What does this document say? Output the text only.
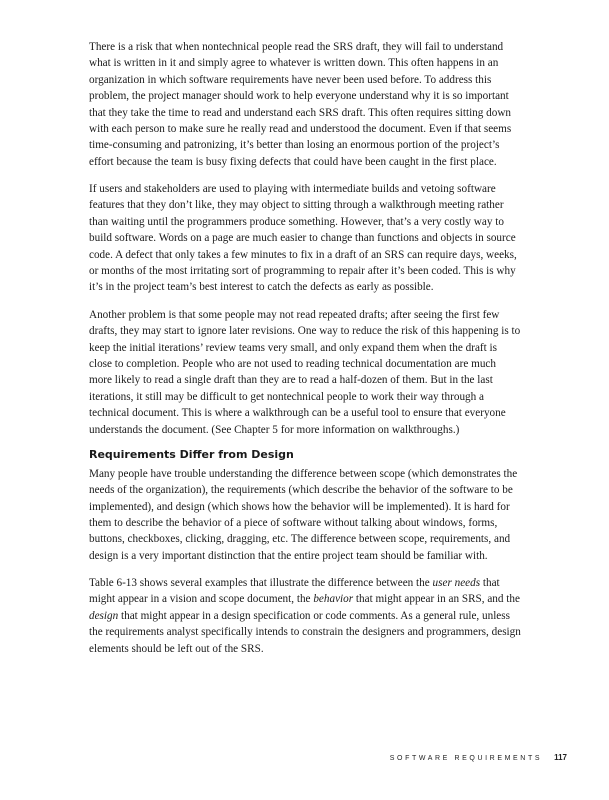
There is a risk that when nontechnical people read the SRS draft, they will fail to understand what is written in it and simply agree to whatever is written down. This often happens in an organization in which software requirements have never been used before. To address this problem, the project manager should work to help everyone understand why it is so important that they take the time to read and understand each SRS draft. This often requires sitting down with each person to make sure he really read and understood the document. Even if that seems time-consuming and patronizing, it’s better than losing an enormous portion of the project’s effort because the team is busy fixing defects that could have been caught in the first place.

If users and stakeholders are used to playing with intermediate builds and vetoing software features that they don’t like, they may object to sitting through a walkthrough meeting rather than waiting until the programmers produce something. However, that’s a very costly way to build software. Words on a page are much easier to change than functions and objects in source code. A defect that only takes a few minutes to fix in a draft of an SRS can require days, weeks, or months of the most irritating sort of programming to repair after it’s been coded. This is why it’s in the project team’s best interest to catch the defects as early as possible.

Another problem is that some people may not read repeated drafts; after seeing the first few drafts, they may start to ignore later revisions. One way to reduce the risk of this happening is to keep the initial iterations’ review teams very small, and only expand them when the draft is close to completion. People who are not used to reading technical documentation are much more likely to read a single draft than they are to read a half-dozen of them. But in the last iterations, it still may be difficult to get nontechnical people to work their way through a technical document. This is where a walkthrough can be a useful tool to ensure that everyone understands the document. (See Chapter 5 for more information on walkthroughs.)

Requirements Differ from Design

Many people have trouble understanding the difference between scope (which demonstrates the needs of the organization), the requirements (which describe the behavior of the software to be implemented), and design (which shows how the behavior will be implemented). It is hard for them to describe the behavior of a piece of software without talking about windows, forms, buttons, checkboxes, clicking, dragging, etc. The difference between scope, requirements, and design is a very important distinction that the entire project team should be familiar with.

Table 6-13 shows several examples that illustrate the difference between the user needs that might appear in a vision and scope document, the behavior that might appear in an SRS, and the design that might appear in a design specification or code comments. As a general rule, unless the requirements analyst specifically intends to constrain the designers and programmers, design elements should be left out of the SRS.

SOFTWARE REQUIREMENTS 117
